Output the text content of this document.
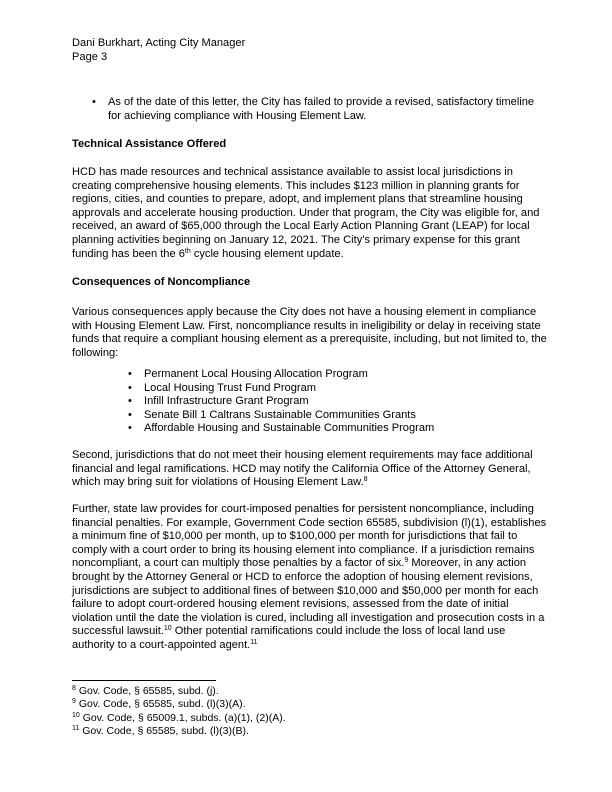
Dani Burkhart, Acting City Manager
Page 3
• As of the date of this letter, the City has failed to provide a revised, satisfactory timeline for achieving compliance with Housing Element Law.
Technical Assistance Offered

HCD has made resources and technical assistance available to assist local jurisdictions in creating comprehensive housing elements. This includes $123 million in planning grants for regions, cities, and counties to prepare, adopt, and implement plans that streamline housing approvals and accelerate housing production. Under that program, the City was eligible for, and received, an award of $65,000 through the Local Early Action Planning Grant (LEAP) for local planning activities beginning on January 12, 2021. The City’s primary expense for this grant funding has been the 6th cycle housing element update.

Consequences of Noncompliance

Various consequences apply because the City does not have a housing element in compliance with Housing Element Law. First, noncompliance results in ineligibility or delay in receiving state funds that require a compliant housing element as a prerequisite, including, but not limited to, the following:

• Permanent Local Housing Allocation Program
• Local Housing Trust Fund Program
• Infill Infrastructure Grant Program
• Senate Bill 1 Caltrans Sustainable Communities Grants
• Affordable Housing and Sustainable Communities Program

Second, jurisdictions that do not meet their housing element requirements may face additional financial and legal ramifications. HCD may notify the California Office of the Attorney General, which may bring suit for violations of Housing Element Law.$^8$

Further, state law provides for court-imposed penalties for persistent noncompliance, including financial penalties. For example, Government Code section 65585, subdivision (l)(1), establishes a minimum fine of $10,000 per month, up to $100,000 per month for jurisdictions that fail to comply with a court order to bring its housing element into compliance. If a jurisdiction remains noncompliant, a court can multiply those penalties by a factor of six.$^9$ Moreover, in any action brought by the Attorney General or HCD to enforce the adoption of housing element revisions, jurisdictions are subject to additional fines of between $10,000 and $50,000 per month for each failure to adopt court-ordered housing element revisions, assessed from the date of initial violation until the date the violation is cured, including all investigation and prosecution costs in a successful lawsuit.$^{10}$ Other potential ramifications could include the loss of local land use authority to a court-appointed agent.$^{11}$

$^8$ Gov. Code, § 65585, subd. (j).
$^9$ Gov. Code, § 65585, subd. (l)(3)(A).
$^{10}$ Gov. Code, § 65009.1, subds. (a)(1), (2)(A).
$^{11}$ Gov. Code, § 65585, subd. (l)(3)(B).
